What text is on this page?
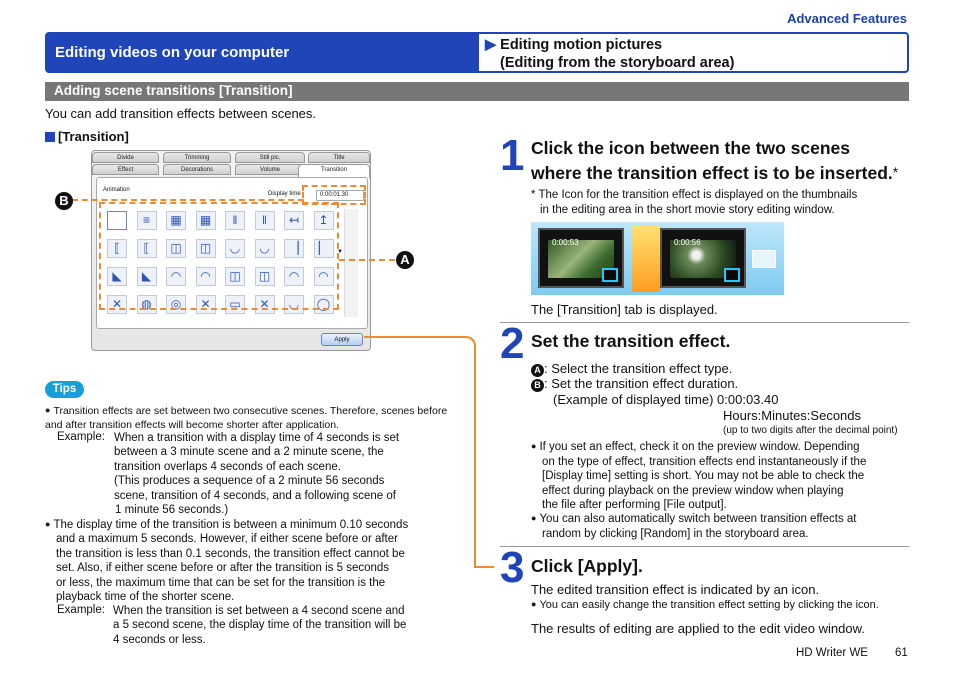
Advanced Features
Editing videos on your computer	▶ Editing motion pictures
(Editing from the storyboard area)
Adding scene transitions [Transition]
You can add transition effects between scenes.
[Transition]
Divide	Trimming	Still pic.	Title
Effect	Decorations	Volume	Transition
Animation
Display time	0:00:01.30
▼
≡	▦	▦	‖	‖	↤	↥
⟦	⟦	◫	◫	◡	◡	▕	▏
◣	◣	◠	◠	◫	◫	◠	◠
✕	◍	◎	✕	▭	✕	◡	◯
Apply
B
A
Tips
● Transition effects are set between two consecutive scenes. Therefore, scenes before and after transition effects will become shorter after application.
Example: When a transition with a display time of 4 seconds is set
between a 3 minute scene and a 2 minute scene, the
transition overlaps 4 seconds of each scene.
(This produces a sequence of a 2 minute 56 seconds
scene, transition of 4 seconds, and a following scene of
1 minute 56 seconds.)
● The display time of the transition is between a minimum 0.10 seconds
and a maximum 5 seconds. However, if either scene before or after
the transition is less than 0.1 seconds, the transition effect cannot be
set. Also, if either scene before or after the transition is 5 seconds
or less, the maximum time that can be set for the transition is the
playback time of the shorter scene.
Example: When the transition is set between a 4 second scene and
a 5 second scene, the display time of the transition will be
4 seconds or less.
1 Click the icon between the two scenes
where the transition effect is to be inserted.*
* The Icon for the transition effect is displayed on the thumbnails
in the editing area in the short movie story editing window.
0:00:53	0:00:56
The [Transition] tab is displayed.
2 Set the transition effect.
A : Select the transition effect type.
B : Set the transition effect duration.
(Example of displayed time) 0:00:03.40
Hours:Minutes:Seconds
(up to two digits after the decimal point)
● If you set an effect, check it on the preview window. Depending
on the type of effect, transition effects end instantaneously if the
[Display time] setting is short. You may not be able to check the
effect during playback on the preview window when playing
the file after performing [File output].
● You can also automatically switch between transition effects at
random by clicking [Random] in the storyboard area.
3 Click [Apply].
The edited transition effect is indicated by an icon.
● You can easily change the transition effect setting by clicking the icon.
The results of editing are applied to the edit video window.
HD Writer WE 61
